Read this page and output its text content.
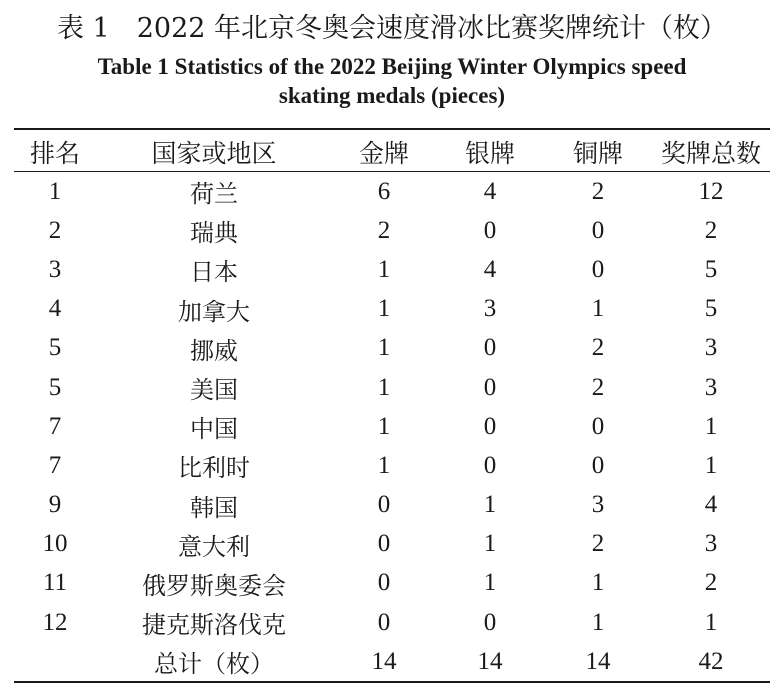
表 1　2022 年北京冬奥会速度滑冰比赛奖牌统计（枚）
Table 1 Statistics of the 2022 Beijing Winter Olympics speed
skating medals (pieces)
排名	国家或地区	金牌	银牌	铜牌	奖牌总数
1	荷兰	6	4	2	12
2	瑞典	2	0	0	2
3	日本	1	4	0	5
4	加拿大	1	3	1	5
5	挪威	1	0	2	3
5	美国	1	0	2	3
7	中国	1	0	0	1
7	比利时	1	0	0	1
9	韩国	0	1	3	4
10	意大利	0	1	2	3
11	俄罗斯奥委会	0	1	1	2
12	捷克斯洛伐克	0	0	1	1
	总计（枚）	14	14	14	42
